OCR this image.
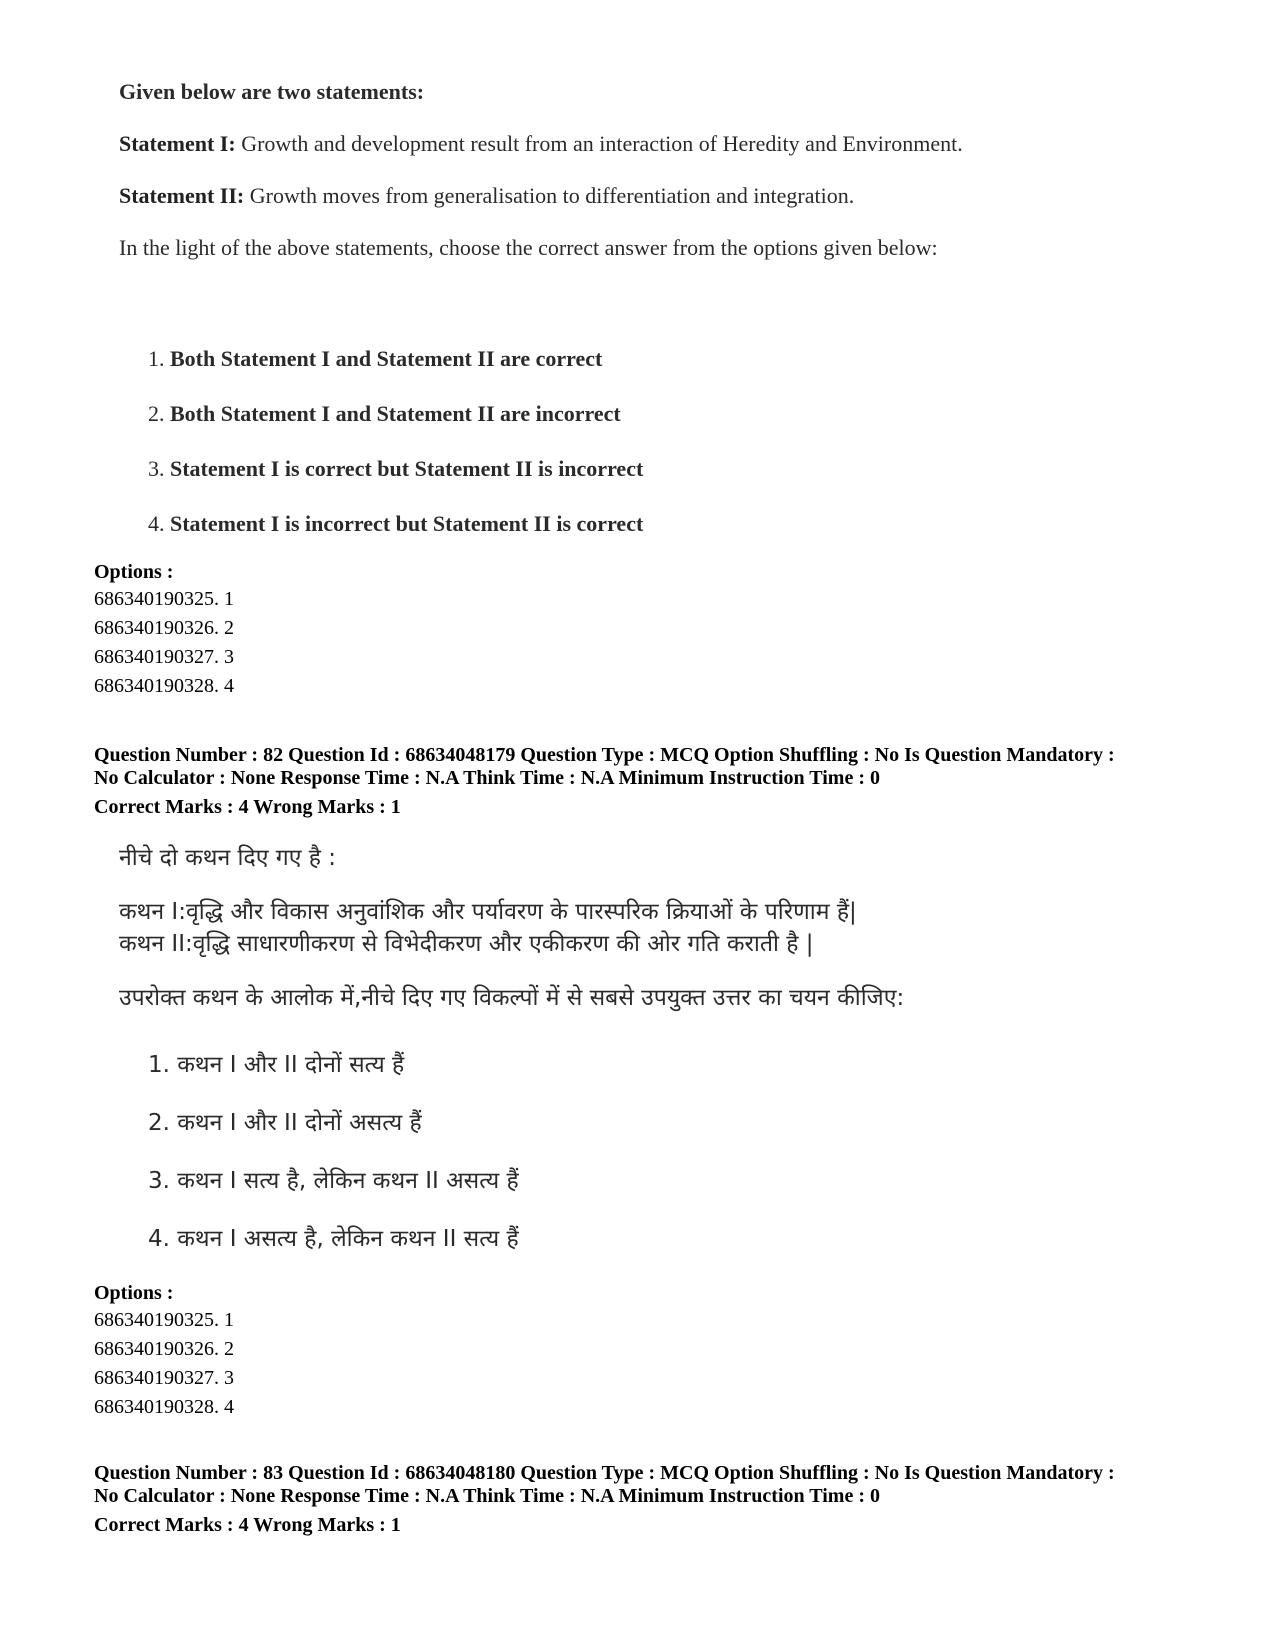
Given below are two statements:

Statement I: Growth and development result from an interaction of Heredity and Environment.

Statement II: Growth moves from generalisation to differentiation and integration.

In the light of the above statements, choose the correct answer from the options given below:

1. Both Statement I and Statement II are correct
2. Both Statement I and Statement II are incorrect
3. Statement I is correct but Statement II is incorrect
4. Statement I is incorrect but Statement II is correct
Options :
686340190325. 1
686340190326. 2
686340190327. 3
686340190328. 4
Question Number : 82 Question Id : 68634048179 Question Type : MCQ Option Shuffling : No Is Question Mandatory :
No Calculator : None Response Time : N.A Think Time : N.A Minimum Instruction Time : 0
Correct Marks : 4 Wrong Marks : 1

नीचे दो कथन दिए गए है :

कथन I:वृद्धि और विकास अनुवांशिक और पर्यावरण के पारस्परिक क्रियाओं के परिणाम हैं|

कथन II:वृद्धि साधारणीकरण से विभेदीकरण और एकीकरण की ओर गति कराती है |

उपरोक्त कथन के आलोक में,नीचे दिए गए विकल्पों में से सबसे उपयुक्त उत्तर का चयन कीजिए:

1. कथन I और II दोनों सत्य हैं
2. कथन I और II दोनों असत्य हैं
3. कथन I सत्य है, लेकिन कथन II असत्य हैं
4. कथन I असत्य है, लेकिन कथन II सत्य हैं
Options :
686340190325. 1
686340190326. 2
686340190327. 3
686340190328. 4
Question Number : 83 Question Id : 68634048180 Question Type : MCQ Option Shuffling : No Is Question Mandatory :
No Calculator : None Response Time : N.A Think Time : N.A Minimum Instruction Time : 0
Correct Marks : 4 Wrong Marks : 1
